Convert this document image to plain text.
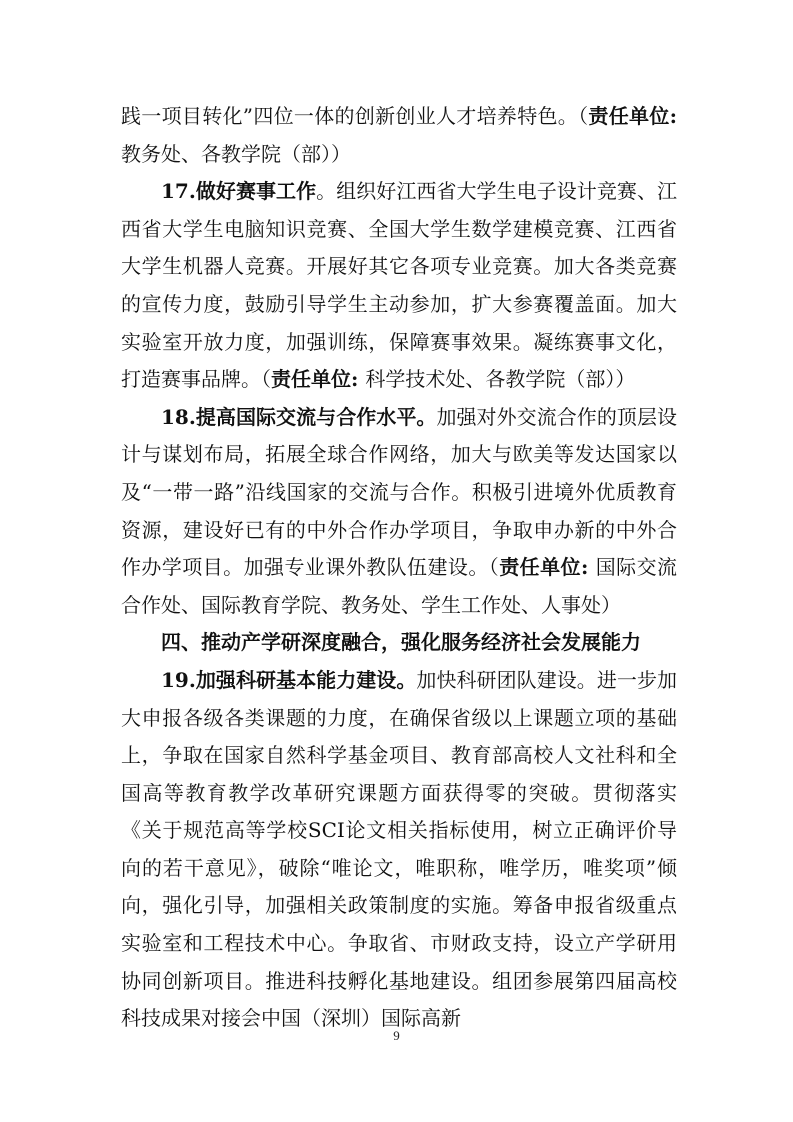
践一项目转化”四位一体的创新创业人才培养特色。（责任单位: 教务处、各教学院（部））

17.做好赛事工作。组织好江西省大学生电子设计竞赛、江西省大学生电脑知识竞赛、全国大学生数学建模竞赛、江西省大学生机器人竞赛。开展好其它各项专业竞赛。加大各类竞赛的宣传力度，鼓励引导学生主动参加，扩大参赛覆盖面。加大实验室开放力度，加强训练，保障赛事效果。凝练赛事文化，打造赛事品牌。（责任单位: 科学技术处、各教学院（部））

18.提高国际交流与合作水平。加强对外交流合作的顶层设计与谋划布局，拓展全球合作网络，加大与欧美等发达国家以及“一带一路”沿线国家的交流与合作。积极引进境外优质教育资源，建设好已有的中外合作办学项目，争取申办新的中外合作办学项目。加强专业课外教队伍建设。（责任单位: 国际交流合作处、国际教育学院、教务处、学生工作处、人事处）

四、推动产学研深度融合，强化服务经济社会发展能力

19.加强科研基本能力建设。加快科研团队建设。进一步加大申报各级各类课题的力度，在确保省级以上课题立项的基础上，争取在国家自然科学基金项目、教育部高校人文社科和全国高等教育教学改革研究课题方面获得零的突破。贯彻落实《关于规范高等学校SCI论文相关指标使用，树立正确评价导向的若干意见》，破除“唯论文，唯职称，唯学历，唯奖项”倾向，强化引导，加强相关政策制度的实施。筹备申报省级重点实验室和工程技术中心。争取省、市财政支持，设立产学研用协同创新项目。推进科技孵化基地建设。组团参展第四届高校科技成果对接会中国（深圳）国际高新

9
